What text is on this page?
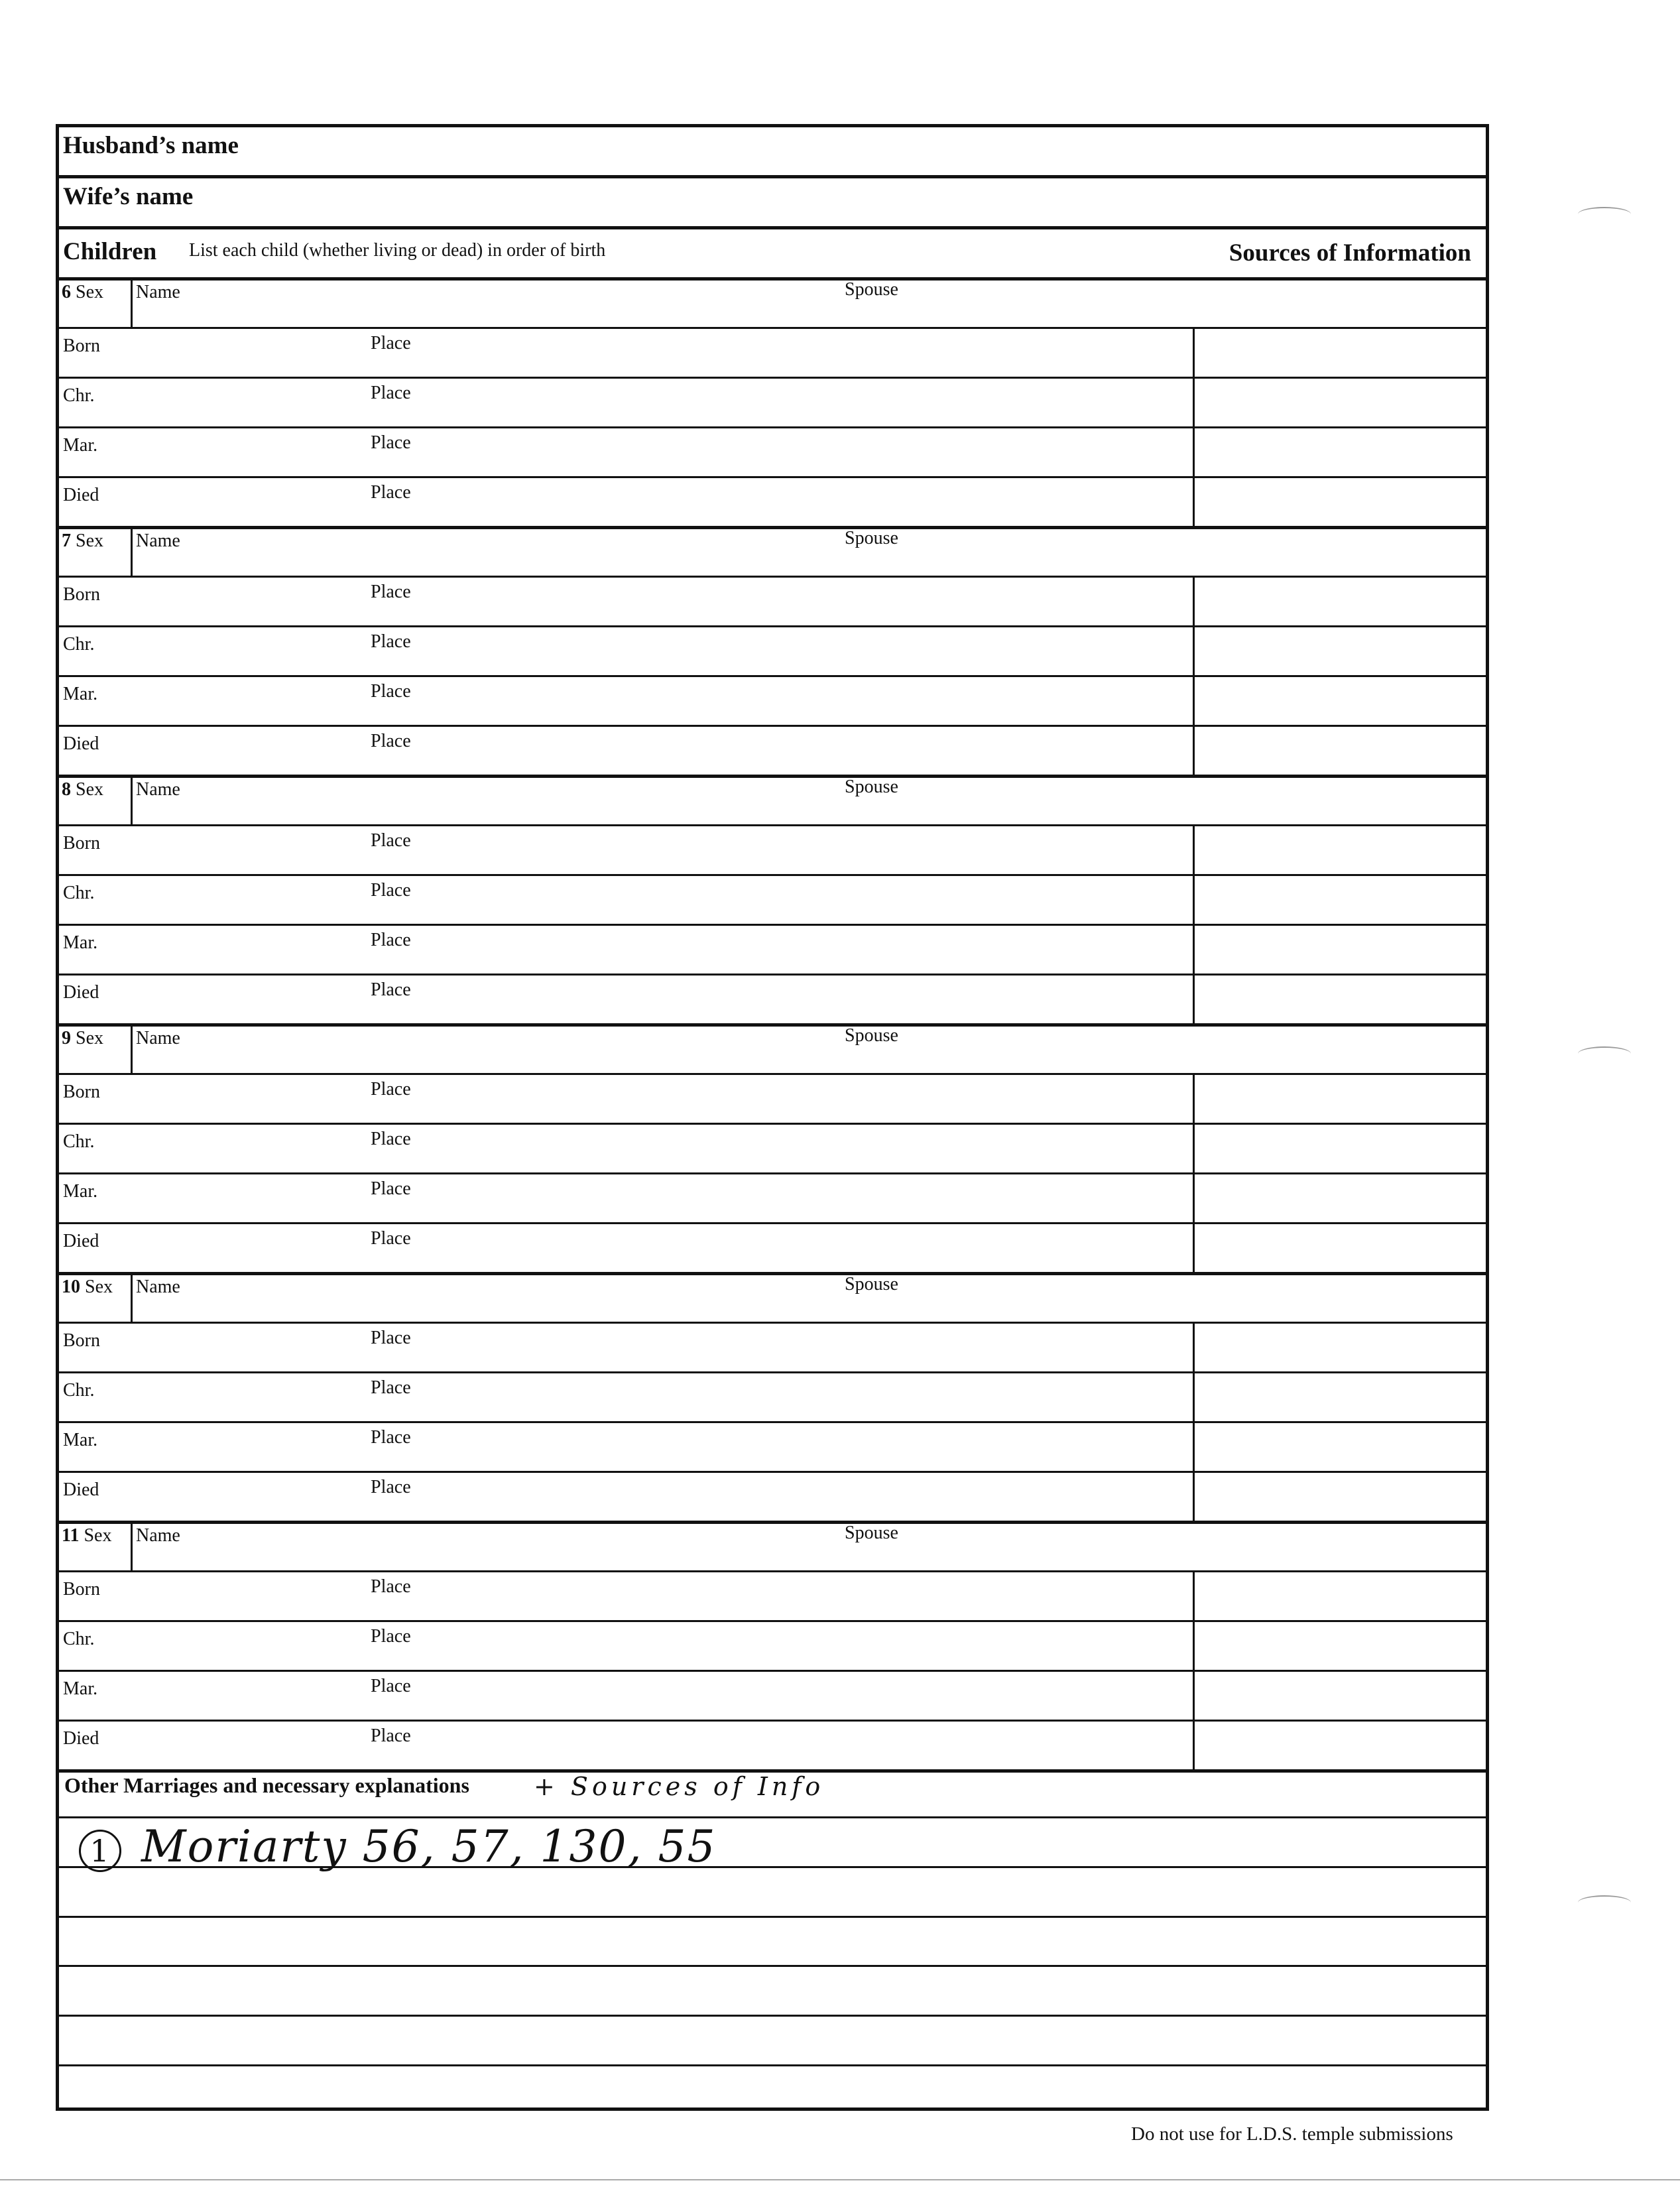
Husband’s name
Wife’s name
Children List each child (whether living or dead) in order of birth	Sources of Information
6 Sex Name	Spouse
Born	Place
Chr.	Place
Mar.	Place
Died	Place
7 Sex Name	Spouse
Born	Place
Chr.	Place
Mar.	Place
Died	Place
8 Sex Name	Spouse
Born	Place
Chr.	Place
Mar.	Place
Died	Place
9 Sex Name	Spouse
Born	Place
Chr.	Place
Mar.	Place
Died	Place
10 Sex Name	Spouse
Born	Place
Chr.	Place
Mar.	Place
Died	Place
11 Sex Name	Spouse
Born	Place
Chr.	Place
Mar.	Place
Died	Place
Other Marriages and necessary explanations	+ Sources of Info
1 Moriarty 56, 57, 130, 55
Do not use for L.D.S. temple submissions
